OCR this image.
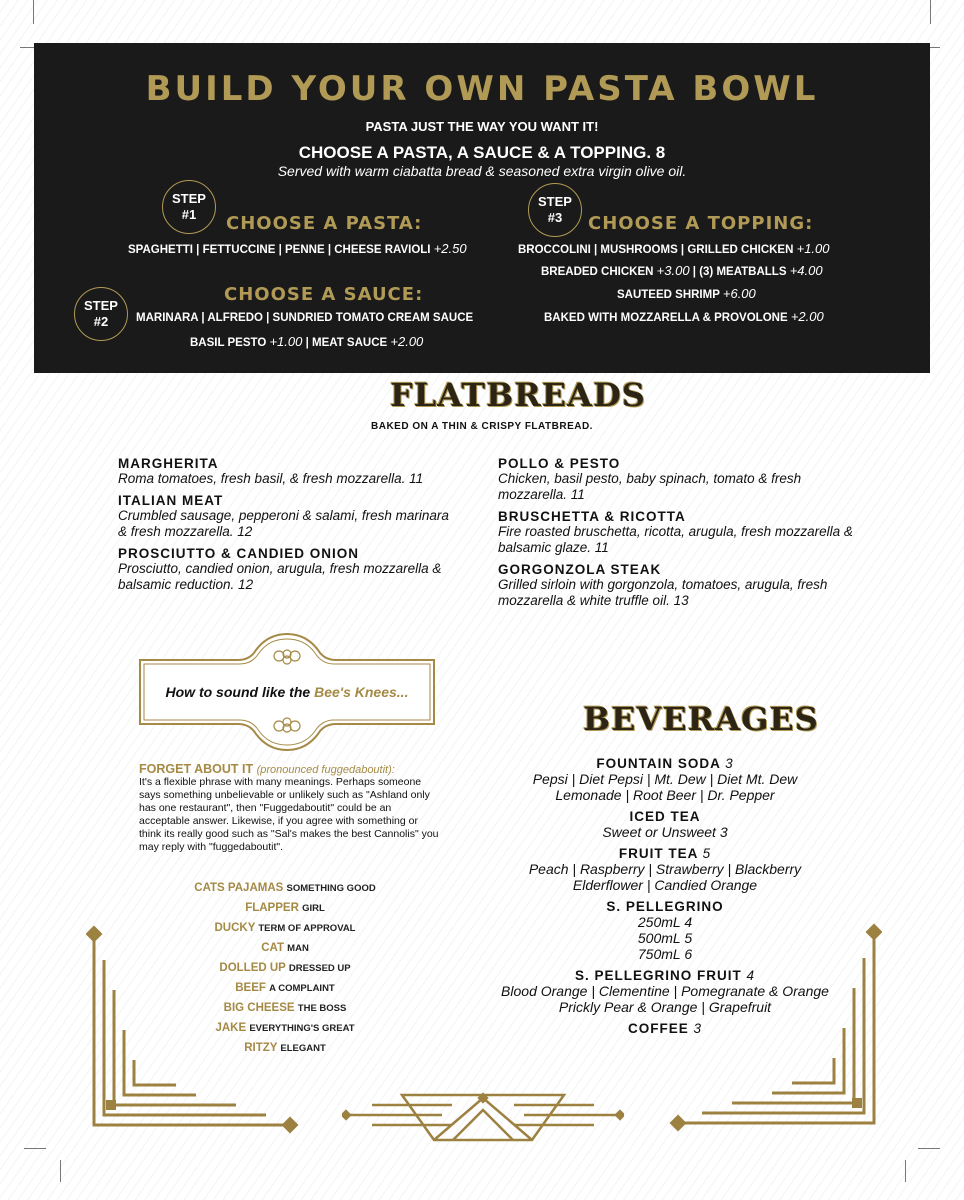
BUILD YOUR OWN PASTA BOWL
PASTA JUST THE WAY YOU WANT IT!
CHOOSE A PASTA, A SAUCE & A TOPPING. 8
Served with warm ciabatta bread & seasoned extra virgin olive oil.
STEP
#1	CHOOSE A PASTA:
SPAGHETTI | FETTUCCINE | PENNE | CHEESE RAVIOLI +2.50
STEP
#2
CHOOSE A SAUCE:
MARINARA | ALFREDO | SUNDRIED TOMATO CREAM SAUCE
BASIL PESTO +1.00 | MEAT SAUCE +2.00
STEP
#3	CHOOSE A TOPPING:
BROCCOLINI | MUSHROOMS | GRILLED CHICKEN +1.00
BREADED CHICKEN +3.00 | (3) MEATBALLS +4.00
SAUTEED SHRIMP +6.00
BAKED WITH MOZZARELLA & PROVOLONE +2.00
FLATBREADS
BAKED ON A THIN & CRISPY FLATBREAD.
MARGHERITA
Roma tomatoes, fresh basil, & fresh mozzarella. 11
ITALIAN MEAT
Crumbled sausage, pepperoni & salami, fresh marinara & fresh mozzarella. 12
PROSCIUTTO & CANDIED ONION
Prosciutto, candied onion, arugula, fresh mozzarella & balsamic reduction. 12
POLLO & PESTO
Chicken, basil pesto, baby spinach, tomato & fresh mozzarella. 11
BRUSCHETTA & RICOTTA
Fire roasted bruschetta, ricotta, arugula, fresh mozzarella & balsamic glaze. 11
GORGONZOLA STEAK
Grilled sirloin with gorgonzola, tomatoes, arugula, fresh mozzarella & white truffle oil. 13
How to sound like the Bee's Knees...
FORGET ABOUT IT (pronounced fuggedaboutit):
It's a flexible phrase with many meanings. Perhaps someone says something unbelievable or unlikely such as "Ashland only has one restaurant", then "Fuggedaboutit" could be an acceptable answer. Likewise, if you agree with something or think its really good such as "Sal's makes the best Cannolis" you may reply with "fuggedaboutit".
CATS PAJAMAS SOMETHING GOOD
FLAPPER GIRL
DUCKY TERM OF APPROVAL
CAT MAN
DOLLED UP DRESSED UP
BEEF A COMPLAINT
BIG CHEESE THE BOSS
JAKE EVERYTHING'S GREAT
RITZY ELEGANT
BEVERAGES
FOUNTAIN SODA 3
Pepsi | Diet Pepsi | Mt. Dew | Diet Mt. Dew
Lemonade | Root Beer | Dr. Pepper
ICED TEA
Sweet or Unsweet 3
FRUIT TEA 5
Peach | Raspberry | Strawberry | Blackberry
Elderflower | Candied Orange
S. PELLEGRINO
250mL 4
500mL 5
750mL 6
S. PELLEGRINO FRUIT 4
Blood Orange | Clementine | Pomegranate & Orange
Prickly Pear & Orange | Grapefruit
COFFEE 3
